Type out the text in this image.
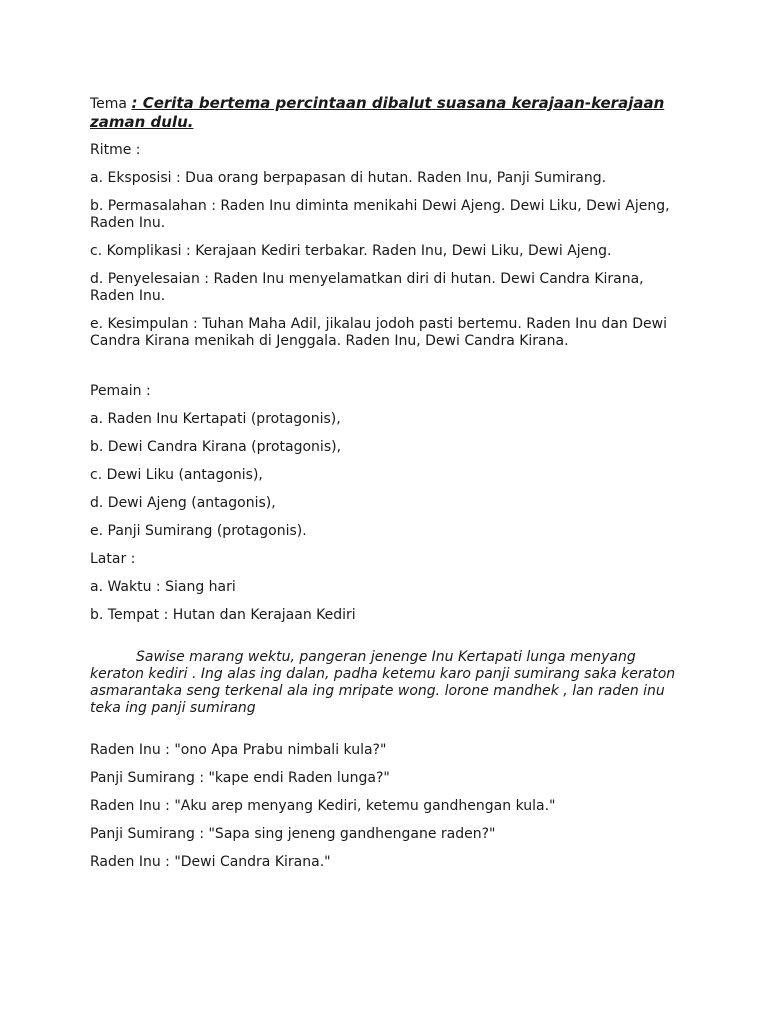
Tema : Cerita bertema percintaan dibalut suasana kerajaan-kerajaan zaman dulu.

Ritme :

a. Eksposisi : Dua orang berpapasan di hutan. Raden Inu, Panji Sumirang.

b. Permasalahan : Raden Inu diminta menikahi Dewi Ajeng. Dewi Liku, Dewi Ajeng, Raden Inu.

c. Komplikasi : Kerajaan Kediri terbakar. Raden Inu, Dewi Liku, Dewi Ajeng.

d. Penyelesaian : Raden Inu menyelamatkan diri di hutan. Dewi Candra Kirana, Raden Inu.

e. Kesimpulan : Tuhan Maha Adil, jikalau jodoh pasti bertemu. Raden Inu dan Dewi Candra Kirana menikah di Jenggala. Raden Inu, Dewi Candra Kirana.

Pemain :

a. Raden Inu Kertapati (protagonis),

b. Dewi Candra Kirana (protagonis),

c. Dewi Liku (antagonis),

d. Dewi Ajeng (antagonis),

e. Panji Sumirang (protagonis).

Latar :

a. Waktu : Siang hari

b. Tempat : Hutan dan Kerajaan Kediri

Sawise marang wektu, pangeran jenenge Inu Kertapati lunga menyang keraton kediri . Ing alas ing dalan, padha ketemu karo panji sumirang saka keraton asmarantaka seng terkenal ala ing mripate wong. lorone mandhek , lan raden inu teka ing panji sumirang

Raden Inu : "ono Apa Prabu nimbali kula?"

Panji Sumirang : "kape endi Raden lunga?"

Raden Inu : "Aku arep menyang Kediri, ketemu gandhengan kula."

Panji Sumirang : "Sapa sing jeneng gandhengane raden?"

Raden Inu : "Dewi Candra Kirana."
